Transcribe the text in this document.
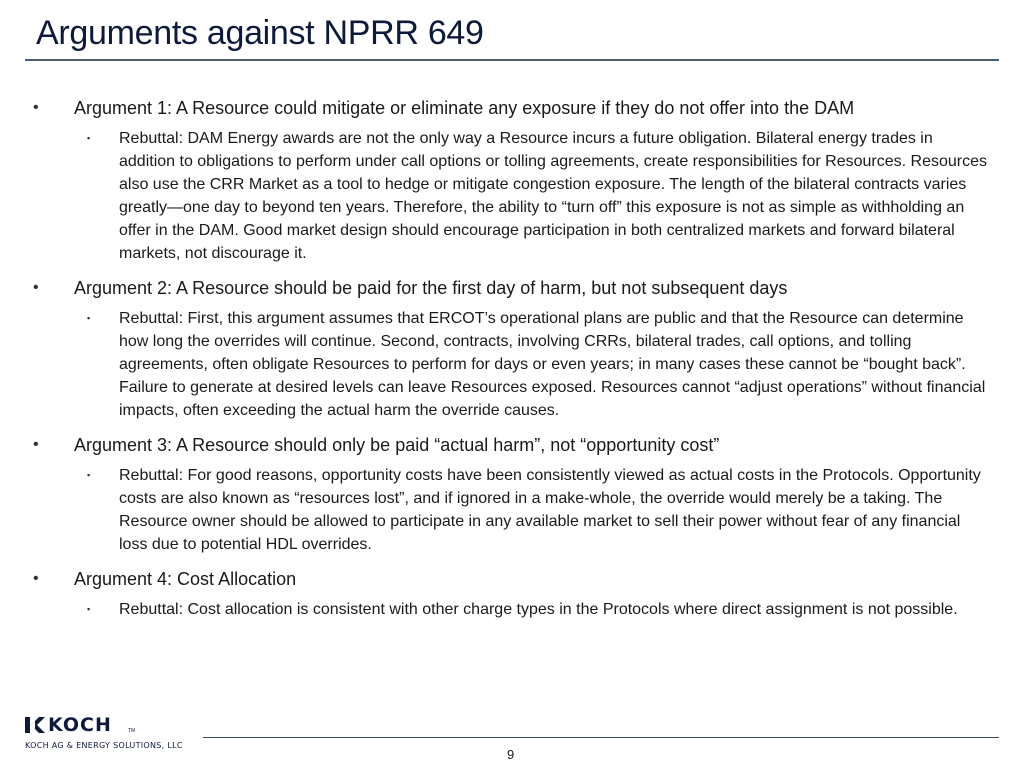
Arguments against NPRR 649
• Argument 1: A Resource could mitigate or eliminate any exposure if they do not offer into the DAM
▪ Rebuttal: DAM Energy awards are not the only way a Resource incurs a future obligation. Bilateral energy trades in addition to obligations to perform under call options or tolling agreements, create responsibilities for Resources. Resources also use the CRR Market as a tool to hedge or mitigate congestion exposure. The length of the bilateral contracts varies greatly—one day to beyond ten years. Therefore, the ability to “turn off” this exposure is not as simple as withholding an offer in the DAM. Good market design should encourage participation in both centralized markets and forward bilateral markets, not discourage it.
• Argument 2: A Resource should be paid for the first day of harm, but not subsequent days
▪ Rebuttal: First, this argument assumes that ERCOT’s operational plans are public and that the Resource can determine how long the overrides will continue. Second, contracts, involving CRRs, bilateral trades, call options, and tolling agreements, often obligate Resources to perform for days or even years; in many cases these cannot be “bought back”. Failure to generate at desired levels can leave Resources exposed. Resources cannot “adjust operations” without financial impacts, often exceeding the actual harm the override causes.
• Argument 3: A Resource should only be paid “actual harm”, not “opportunity cost”
▪ Rebuttal: For good reasons, opportunity costs have been consistently viewed as actual costs in the Protocols. Opportunity costs are also known as “resources lost”, and if ignored in a make-whole, the override would merely be a taking. The Resource owner should be allowed to participate in any available market to sell their power without fear of any financial loss due to potential HDL overrides.
• Argument 4: Cost Allocation
▪ Rebuttal: Cost allocation is consistent with other charge types in the Protocols where direct assignment is not possible.
KOCH	TM
KOCH AG & ENERGY SOLUTIONS, LLC
9
